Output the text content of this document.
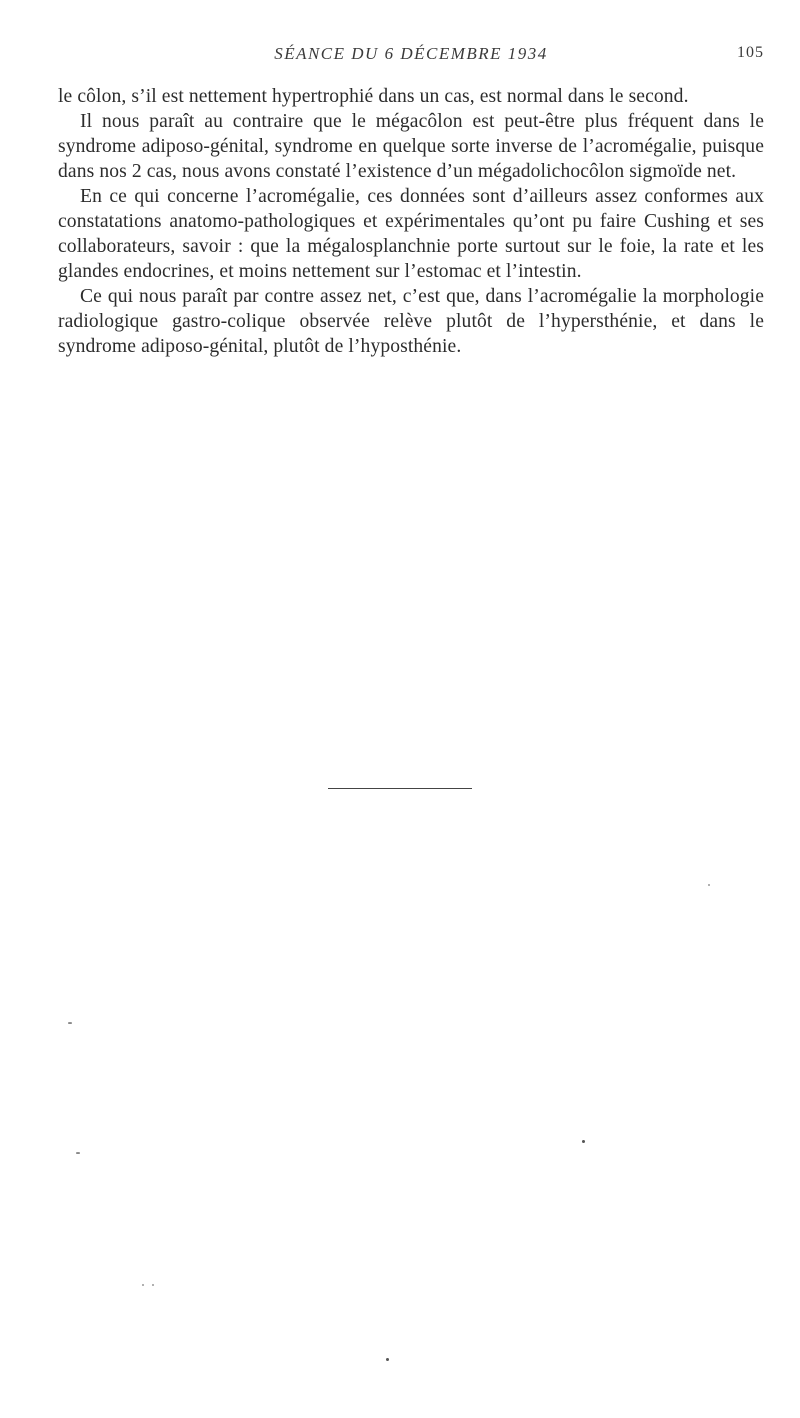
SÉANCE DU 6 DÉCEMBRE 1934	105

le côlon, s’il est nettement hypertrophié dans un cas, est normal dans le second.

Il nous paraît au contraire que le mégacôlon est peut-être plus fréquent dans le syndrome adiposo-génital, syndrome en quelque sorte inverse de l’acromégalie, puisque dans nos 2 cas, nous avons constaté l’existence d’un mégadolichocôlon sigmoïde net.

En ce qui concerne l’acromégalie, ces données sont d’ailleurs assez conformes aux constatations anatomo-pathologiques et expérimentales qu’ont pu faire Cushing et ses collaborateurs, savoir : que la mégalosplanchnie porte surtout sur le foie, la rate et les glandes endocrines, et moins nettement sur l’estomac et l’intestin.

Ce qui nous paraît par contre assez net, c’est que, dans l’acromégalie la morphologie radiologique gastro-colique observée relève plutôt de l’hypersthénie, et dans le syndrome adiposo-génital, plutôt de l’hyposthénie.
